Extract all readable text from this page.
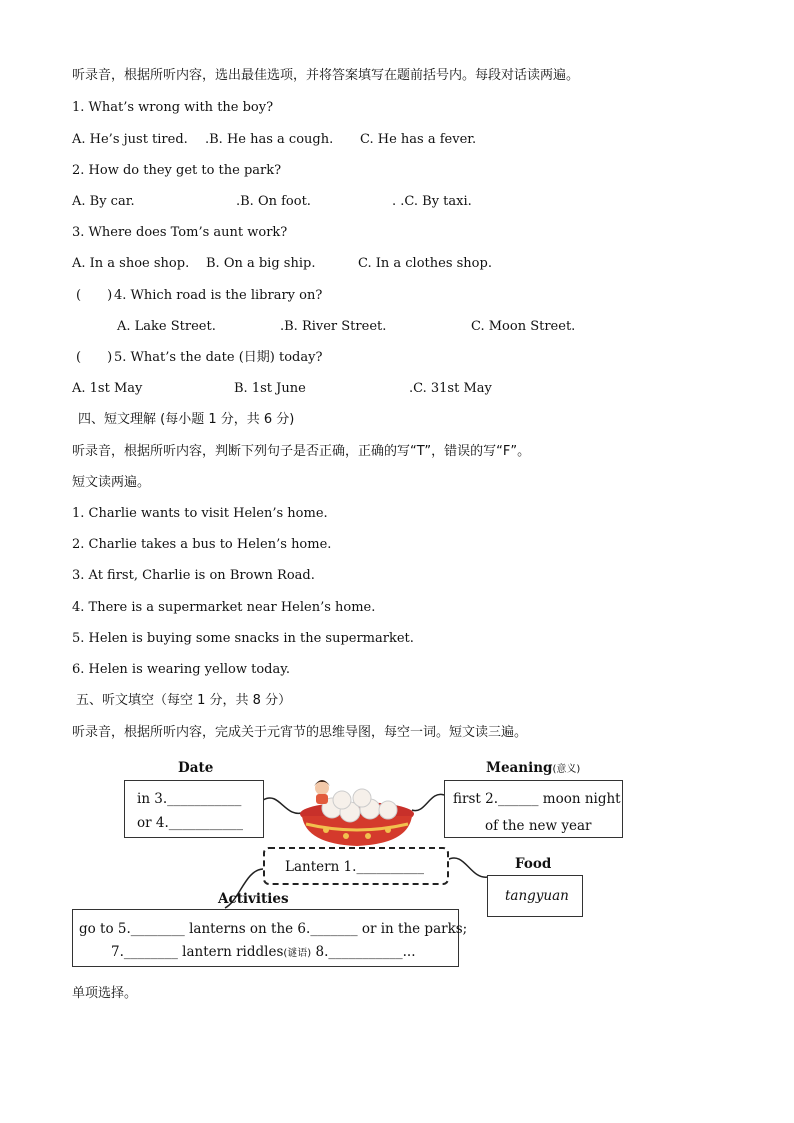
听录音，根据所听内容，选出最佳选项，并将答案填写在题前括号内。每段对话读两遍。
1. What’s wrong with the boy?
A. He’s just tired. .B. He has a cough. C. He has a fever.
2. How do they get to the park?
A. By car.	.B. On foot.	. .C. By taxi.
3. Where does Tom’s aunt work?
A. In a shoe shop. B. On a big ship.	C. In a clothes shop.
(　　) 4. Which road is the library on?
A. Lake Street.	.B. River Street.	C. Moon Street.
(　　) 5. What’s the date (日期) today?
A. 1st May	B. 1st June	.C. 31st May
四、短文理解 (每小题 1 分，共 6 分)
听录音，根据所听内容，判断下列句子是否正确，正确的写“T”，错误的写“F”。
短文读两遍。
1. Charlie wants to visit Helen’s home.
2. Charlie takes a bus to Helen’s home.
3. At first, Charlie is on Brown Road.
4. There is a supermarket near Helen’s home.
5. Helen is buying some snacks in the supermarket.
6. Helen is wearing yellow today.
五、听文填空（每空 1 分，共 8 分）
听录音，根据所听内容，完成关于元宵节的思维导图，每空一词。短文读三遍。
Date
in 3.___________
or 4.___________
Meaning(意义)
first 2.______ moon night
of the new year
Lantern 1.__________	Food
tangyuan
Activities
go to 5.________ lanterns on the 6._______ or in the parks;
7.________ lantern riddles(谜语) 8.___________...
单项选择。
